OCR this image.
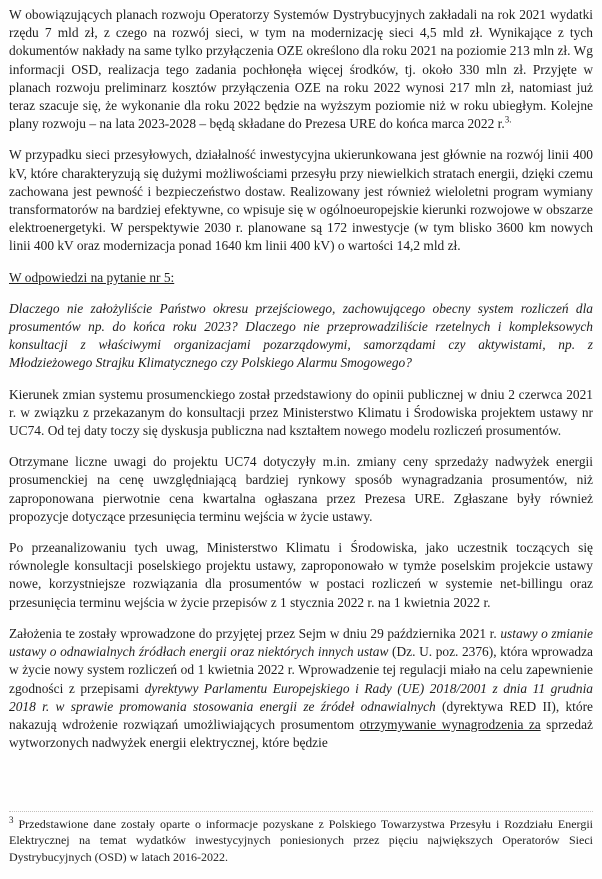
W obowiązujących planach rozwoju Operatorzy Systemów Dystrybucyjnych zakładali na rok 2021 wydatki rzędu 7 mld zł, z czego na rozwój sieci, w tym na modernizację sieci 4,5 mld zł. Wynikające z tych dokumentów nakłady na same tylko przyłączenia OZE określono dla roku 2021 na poziomie 213 mln zł. Wg informacji OSD, realizacja tego zadania pochłonęła więcej środków, tj. około 330 mln zł. Przyjęte w planach rozwoju preliminarz kosztów przyłączenia OZE na roku 2022 wynosi 217 mln zł, natomiast już teraz szacuje się, że wykonanie dla roku 2022 będzie na wyższym poziomie niż w roku ubiegłym. Kolejne plany rozwoju – na lata 2023-2028 – będą składane do Prezesa URE do końca marca 2022 r.$^{3.}$

W przypadku sieci przesyłowych, działalność inwestycyjna ukierunkowana jest głównie na rozwój linii 400 kV, które charakteryzują się dużymi możliwościami przesyłu przy niewielkich stratach energii, dzięki czemu zachowana jest pewność i bezpieczeństwo dostaw. Realizowany jest również wieloletni program wymiany transformatorów na bardziej efektywne, co wpisuje się w ogólnoeuropejskie kierunki rozwojowe w obszarze elektroenergetyki. W perspektywie 2030 r. planowane są 172 inwestycje (w tym blisko 3600 km nowych linii 400 kV oraz modernizacja ponad 1640 km linii 400 kV) o wartości 14,2 mld zł.

W odpowiedzi na pytanie nr 5:

Dlaczego nie założyliście Państwo okresu przejściowego, zachowującego obecny system rozliczeń dla prosumentów np. do końca roku 2023? Dlaczego nie przeprowadziliście rzetelnych i kompleksowych konsultacji z właściwymi organizacjami pozarządowymi, samorządami czy aktywistami, np. z Młodzieżowego Strajku Klimatycznego czy Polskiego Alarmu Smogowego?

Kierunek zmian systemu prosumenckiego został przedstawiony do opinii publicznej w dniu 2 czerwca 2021 r. w związku z przekazanym do konsultacji przez Ministerstwo Klimatu i Środowiska projektem ustawy nr UC74. Od tej daty toczy się dyskusja publiczna nad kształtem nowego modelu rozliczeń prosumentów.

Otrzymane liczne uwagi do projektu UC74 dotyczyły m.in. zmiany ceny sprzedaży nadwyżek energii prosumenckiej na cenę uwzględniającą bardziej rynkowy sposób wynagradzania prosumentów, niż zaproponowana pierwotnie cena kwartalna ogłaszana przez Prezesa URE. Zgłaszane były również propozycje dotyczące przesunięcia terminu wejścia w życie ustawy.

Po przeanalizowaniu tych uwag, Ministerstwo Klimatu i Środowiska, jako uczestnik toczących się równolegle konsultacji poselskiego projektu ustawy, zaproponowało w tymże poselskim projekcie ustawy nowe, korzystniejsze rozwiązania dla prosumentów w postaci rozliczeń w systemie net-billingu oraz przesunięcia terminu wejścia w życie przepisów z 1 stycznia 2022 r. na 1 kwietnia 2022 r.

Założenia te zostały wprowadzone do przyjętej przez Sejm w dniu 29 października 2021 r. ustawy o zmianie ustawy o odnawialnych źródłach energii oraz niektórych innych ustaw (Dz. U. poz. 2376), która wprowadza w życie nowy system rozliczeń od 1 kwietnia 2022 r. Wprowadzenie tej regulacji miało na celu zapewnienie zgodności z przepisami dyrektywy Parlamentu Europejskiego i Rady (UE) 2018/2001 z dnia 11 grudnia 2018 r. w sprawie promowania stosowania energii ze źródeł odnawialnych (dyrektywa RED II), które nakazują wdrożenie rozwiązań umożliwiających prosumentom otrzymywanie wynagrodzenia za sprzedaż wytworzonych nadwyżek energii elektrycznej, które będzie

$^3$ Przedstawione dane zostały oparte o informacje pozyskane z Polskiego Towarzystwa Przesyłu i Rozdziału Energii Elektrycznej na temat wydatków inwestycyjnych poniesionych przez pięciu największych Operatorów Sieci Dystrybucyjnych (OSD) w latach 2016-2022.
